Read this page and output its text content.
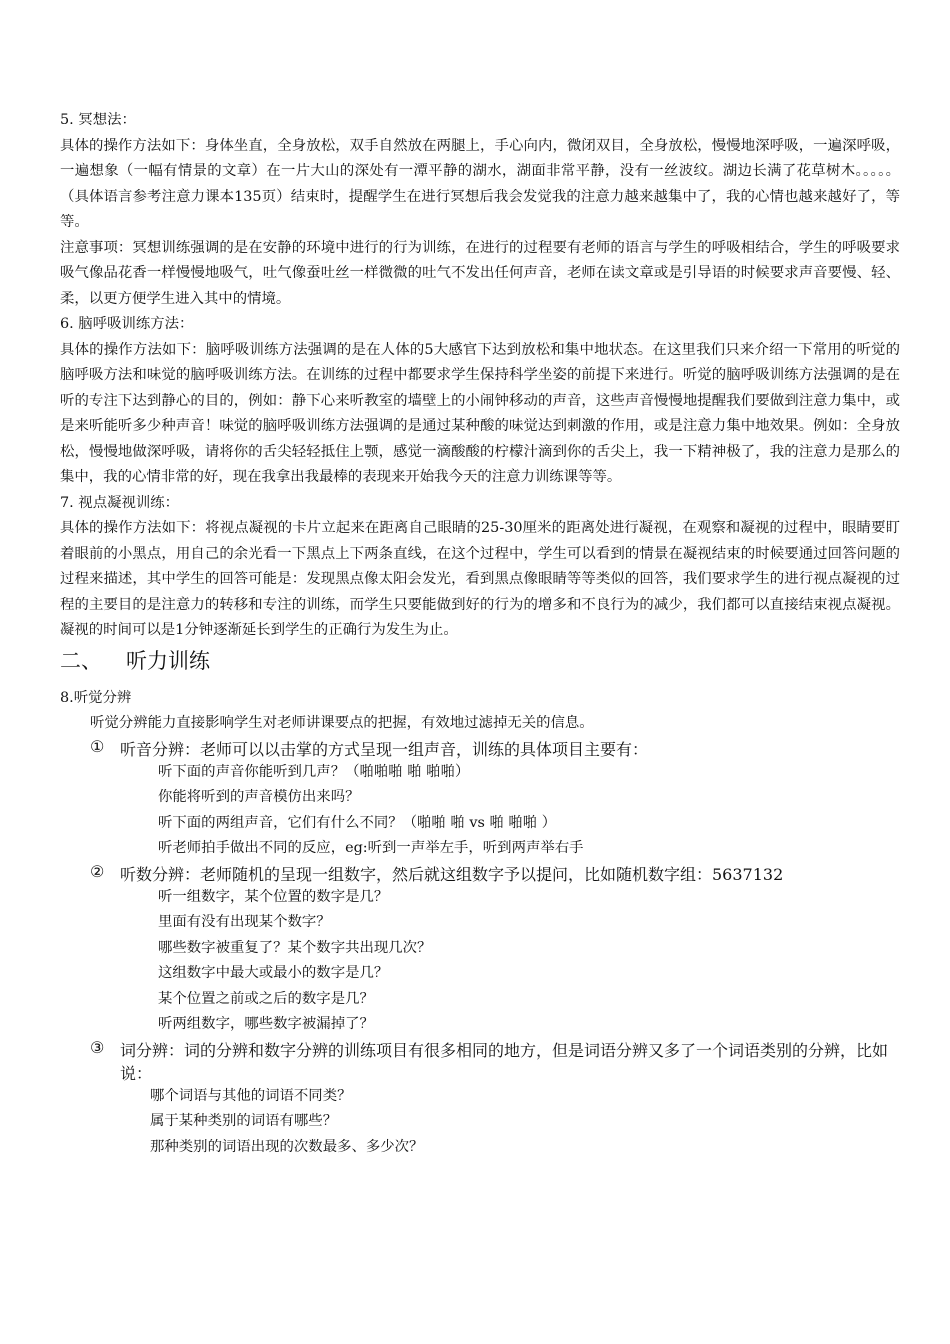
5. 冥想法：

具体的操作方法如下：身体坐直，全身放松，双手自然放在两腿上，手心向内，微闭双目，全身放松，慢慢地深呼吸，一遍深呼吸，一遍想象（一幅有情景的文章）在一片大山的深处有一潭平静的湖水，湖面非常平静，没有一丝波纹。湖边长满了花草树木。。。。。（具体语言参考注意力课本135页）结束时，提醒学生在进行冥想后我会发觉我的注意力越来越集中了，我的心情也越来越好了，等等。

注意事项：冥想训练强调的是在安静的环境中进行的行为训练，在进行的过程要有老师的语言与学生的呼吸相结合，学生的呼吸要求吸气像品花香一样慢慢地吸气，吐气像蚕吐丝一样微微的吐气不发出任何声音，老师在读文章或是引导语的时候要求声音要慢、轻、柔，以更方便学生进入其中的情境。

6. 脑呼吸训练方法：

具体的操作方法如下：脑呼吸训练方法强调的是在人体的5大感官下达到放松和集中地状态。在这里我们只来介绍一下常用的听觉的脑呼吸方法和味觉的脑呼吸训练方法。在训练的过程中都要求学生保持科学坐姿的前提下来进行。听觉的脑呼吸训练方法强调的是在听的专注下达到静心的目的，例如：静下心来听教室的墙壁上的小闹钟移动的声音，这些声音慢慢地提醒我们要做到注意力集中，或是来听能听多少种声音！味觉的脑呼吸训练方法强调的是通过某种酸的味觉达到刺激的作用，或是注意力集中地效果。例如：全身放松，慢慢地做深呼吸，请将你的舌尖轻轻抵住上颚，感觉一滴酸酸的柠檬汁滴到你的舌尖上，我一下精神极了，我的注意力是那么的集中，我的心情非常的好，现在我拿出我最棒的表现来开始我今天的注意力训练课等等。

7. 视点凝视训练：

具体的操作方法如下：将视点凝视的卡片立起来在距离自己眼睛的25-30厘米的距离处进行凝视，在观察和凝视的过程中，眼睛要盯着眼前的小黑点，用自己的余光看一下黑点上下两条直线，在这个过程中，学生可以看到的情景在凝视结束的时候要通过回答问题的过程来描述，其中学生的回答可能是：发现黑点像太阳会发光，看到黑点像眼睛等等类似的回答，我们要求学生的进行视点凝视的过程的主要目的是注意力的转移和专注的训练，而学生只要能做到好的行为的增多和不良行为的减少，我们都可以直接结束视点凝视。凝视的时间可以是1分钟逐渐延长到学生的正确行为发生为止。

二、 听力训练

8.听觉分辨

听觉分辨能力直接影响学生对老师讲课要点的把握，有效地过滤掉无关的信息。

① 听音分辨：老师可以以击掌的方式呈现一组声音，训练的具体项目主要有：

听下面的声音你能听到几声？（啪啪啪 啪 啪啪）

你能将听到的声音模仿出来吗？

听下面的两组声音，它们有什么不同？（啪啪 啪 vs 啪 啪啪 ）

听老师拍手做出不同的反应，eg:听到一声举左手，听到两声举右手

② 听数分辨：老师随机的呈现一组数字，然后就这组数字予以提问，比如随机数字组：5637132

听一组数字，某个位置的数字是几？

里面有没有出现某个数字？

哪些数字被重复了？某个数字共出现几次？

这组数字中最大或最小的数字是几？

某个位置之前或之后的数字是几？

听两组数字，哪些数字被漏掉了？

③ 词分辨：词的分辨和数字分辨的训练项目有很多相同的地方，但是词语分辨又多了一个词语类别的分辨，比如说：

哪个词语与其他的词语不同类？

属于某种类别的词语有哪些？

那种类别的词语出现的次数最多、多少次？
